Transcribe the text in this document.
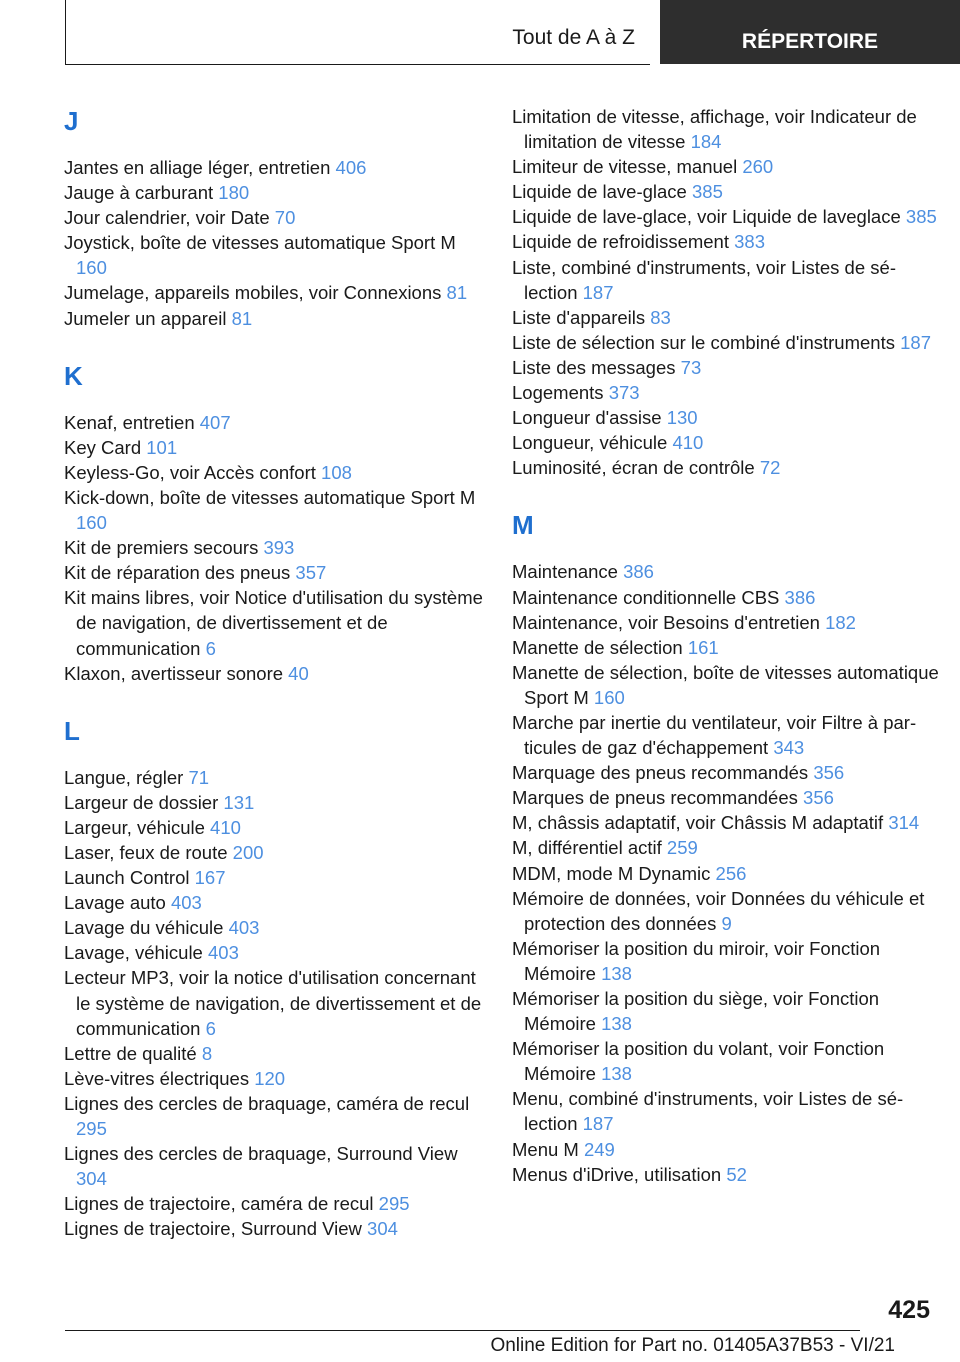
Tout de A à Z	RÉPERTOIRE
J
Jantes en alliage léger, entretien 406
Jauge à carburant 180
Jour calendrier, voir Date 70
Joystick, boîte de vitesses automatique Sport M 160
Jumelage, appareils mobiles, voir Connexions 81
Jumeler un appareil 81
K
Kenaf, entretien 407
Key Card 101
Keyless-Go, voir Accès confort 108
Kick-down, boîte de vitesses automatique Sport M 160
Kit de premiers secours 393
Kit de réparation des pneus 357
Kit mains libres, voir Notice d'utilisation du système de navigation, de divertissement et de communication 6
Klaxon, avertisseur sonore 40
L
Langue, régler 71
Largeur de dossier 131
Largeur, véhicule 410
Laser, feux de route 200
Launch Control 167
Lavage auto 403
Lavage du véhicule 403
Lavage, véhicule 403
Lecteur MP3, voir la notice d'utilisation concernant le système de navigation, de divertissement et de communication 6
Lettre de qualité 8
Lève-vitres électriques 120
Lignes des cercles de braquage, caméra de recul 295
Lignes des cercles de braquage, Surround View 304
Lignes de trajectoire, caméra de recul 295
Lignes de trajectoire, Surround View 304
Limitation de vitesse, affichage, voir Indicateur de limitation de vitesse 184
Limiteur de vitesse, manuel 260
Liquide de lave-glace 385
Liquide de lave-glace, voir Liquide de laveglace 385
Liquide de refroidissement 383
Liste, combiné d'instruments, voir Listes de sélection 187
Liste d'appareils 83
Liste de sélection sur le combiné d'instruments 187
Liste des messages 73
Logements 373
Longueur d'assise 130
Longueur, véhicule 410
Luminosité, écran de contrôle 72
M
Maintenance 386
Maintenance conditionnelle CBS 386
Maintenance, voir Besoins d'entretien 182
Manette de sélection 161
Manette de sélection, boîte de vitesses automatique Sport M 160
Marche par inertie du ventilateur, voir Filtre à particules de gaz d'échappement 343
Marquage des pneus recommandés 356
Marques de pneus recommandées 356
M, châssis adaptatif, voir Châssis M adaptatif 314
M, différentiel actif 259
MDM, mode M Dynamic 256
Mémoire de données, voir Données du véhicule et protection des données 9
Mémoriser la position du miroir, voir Fonction Mémoire 138
Mémoriser la position du siège, voir Fonction Mémoire 138
Mémoriser la position du volant, voir Fonction Mémoire 138
Menu, combiné d'instruments, voir Listes de sélection 187
Menu M 249
Menus d'iDrive, utilisation 52
425
Online Edition for Part no. 01405A37B53 - VI/21
